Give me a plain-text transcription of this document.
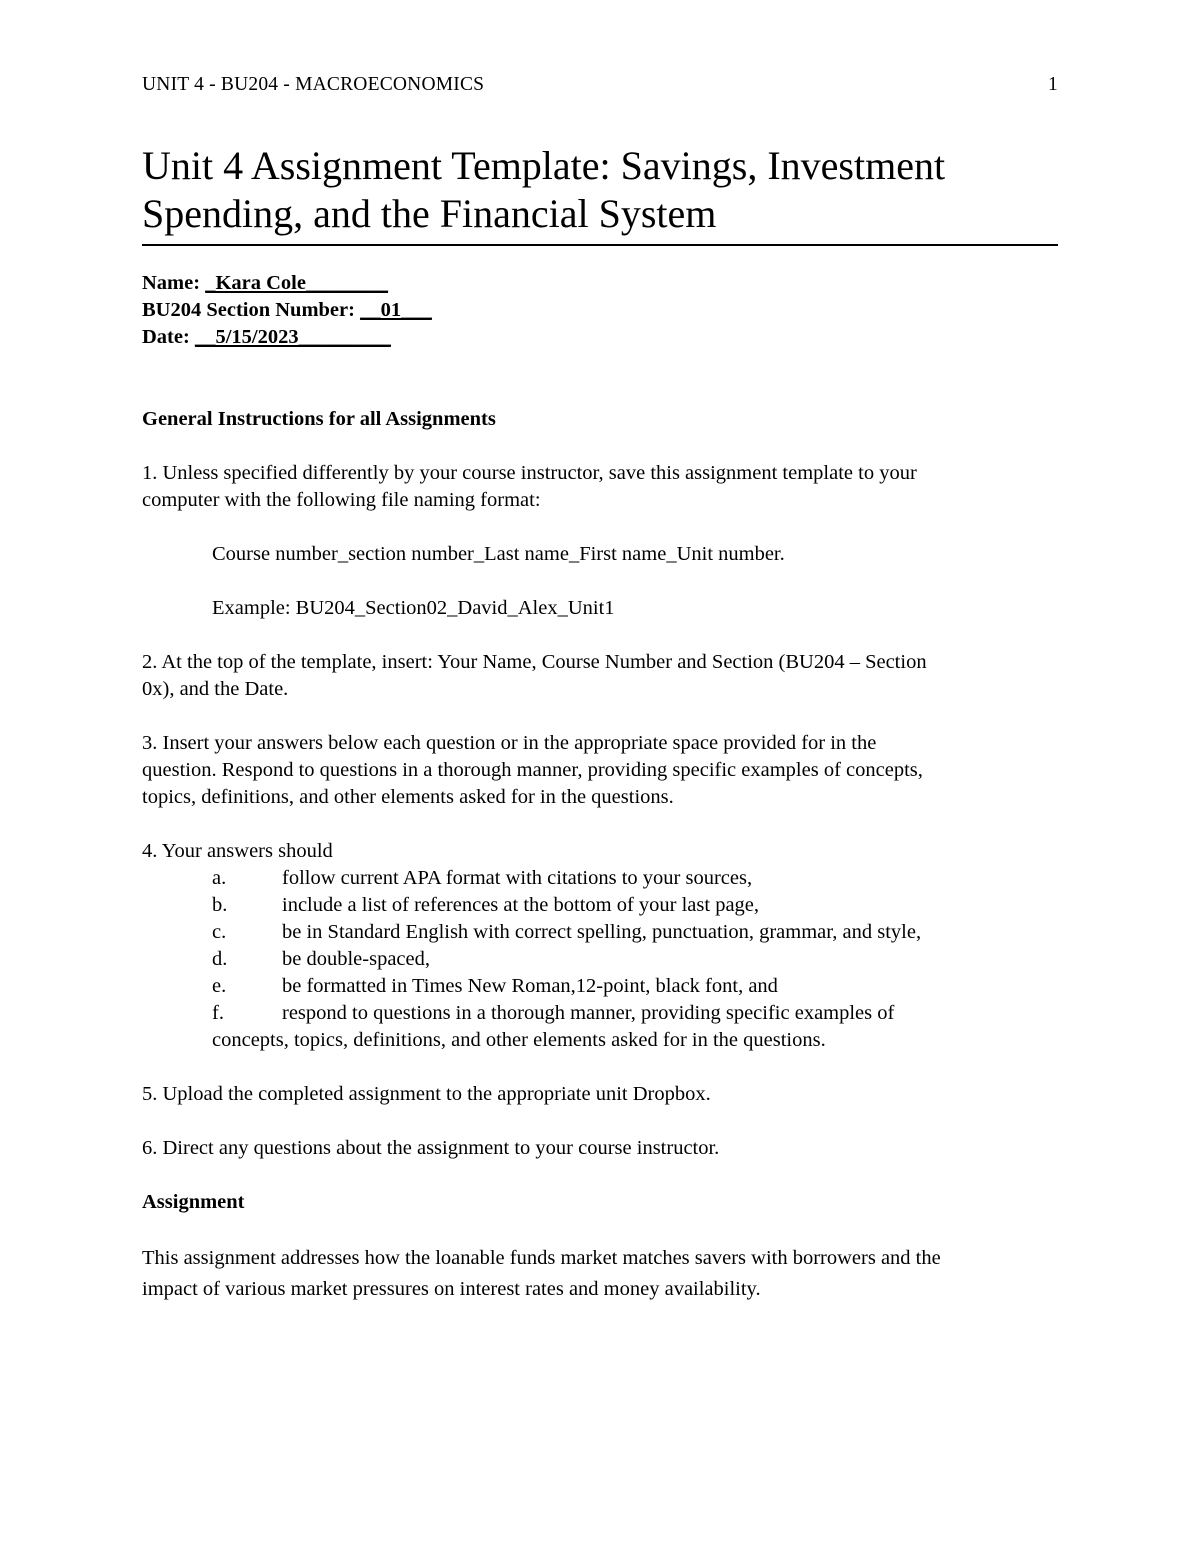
UNIT 4 - BU204 - MACROECONOMICS	1
Unit 4 Assignment Template: Savings, Investment
Spending, and the Financial System
Name: _Kara Cole________
BU204 Section Number: __01___
Date: __5/15/2023_________

General Instructions for all Assignments

1. Unless specified differently by your course instructor, save this assignment template to your

computer with the following file naming format:

Course number_section number_Last name_First name_Unit number.

Example: BU204_Section02_David_Alex_Unit1

2. At the top of the template, insert: Your Name, Course Number and Section (BU204 – Section

0x), and the Date.

3. Insert your answers below each question or in the appropriate space provided for in the

question. Respond to questions in a thorough manner, providing specific examples of concepts,

topics, definitions, and other elements asked for in the questions.

4. Your answers should

a.	follow current APA format with citations to your sources,
b.	include a list of references at the bottom of your last page,
c.	be in Standard English with correct spelling, punctuation, grammar, and style,
d.	be double-spaced,
e.	be formatted in Times New Roman,12-point, black font, and
f.	respond to questions in a thorough manner, providing specific examples of

concepts, topics, definitions, and other elements asked for in the questions.

5. Upload the completed assignment to the appropriate unit Dropbox.

6. Direct any questions about the assignment to your course instructor.

Assignment

This assignment addresses how the loanable funds market matches savers with borrowers and the

impact of various market pressures on interest rates and money availability.
